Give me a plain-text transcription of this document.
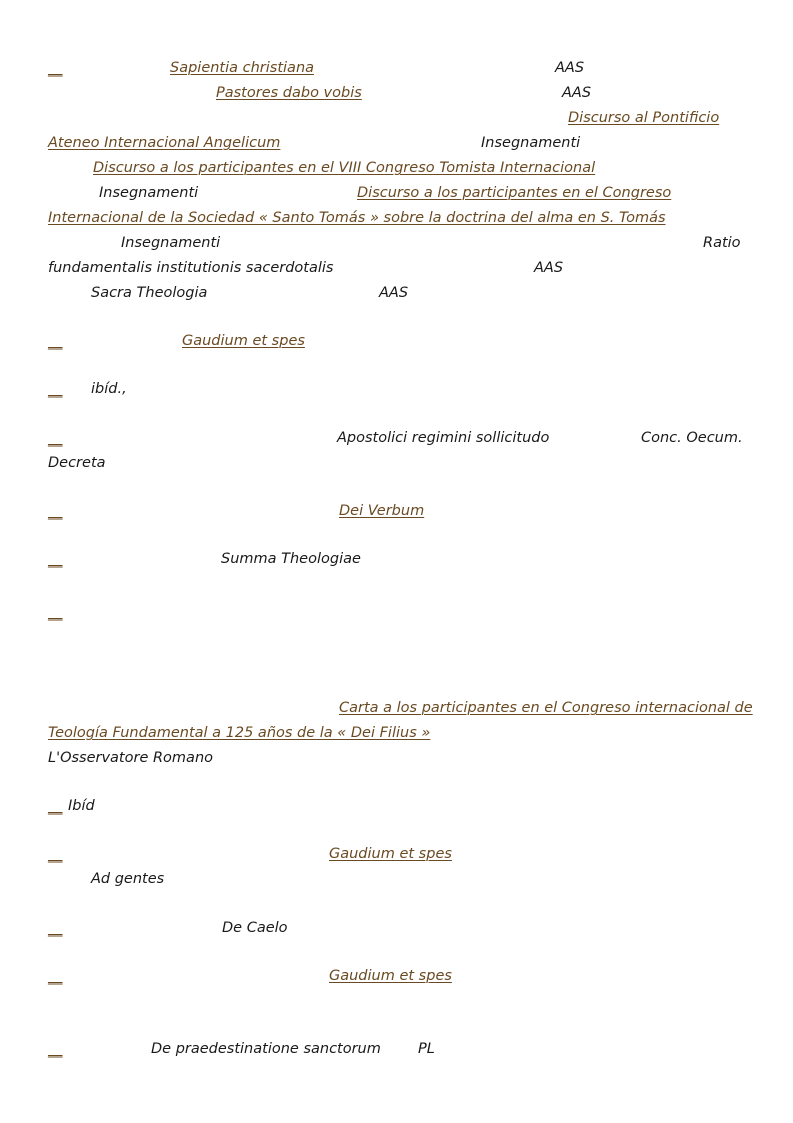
__
__
__
__
__
__
__
__
__
__
__
__
Sapientia christiana	AAS
Pastores dabo vobis	AAS
Discurso al Pontificio
Ateneo Internacional Angelicum	Insegnamenti
Discurso a los participantes en el VIII Congreso Tomista Internacional
Insegnamenti	Discurso a los participantes en el Congreso
Internacional de la Sociedad « Santo Tomás » sobre la doctrina del alma en S. Tomás
Insegnamenti	Ratio
fundamentalis institutionis sacerdotalis	AAS
Sacra Theologia	AAS
Gaudium et spes
ibíd.,
Apostolici regimini sollicitudo	Conc. Oecum.
Decreta
Dei Verbum
Summa Theologiae
Carta a los participantes en el Congreso internacional de
Teología Fundamental a 125 años de la « Dei Filius »
L'Osservatore Romano
Ibíd
Gaudium et spes
Ad gentes
De Caelo
Gaudium et spes
De praedestinatione sanctorum	PL
